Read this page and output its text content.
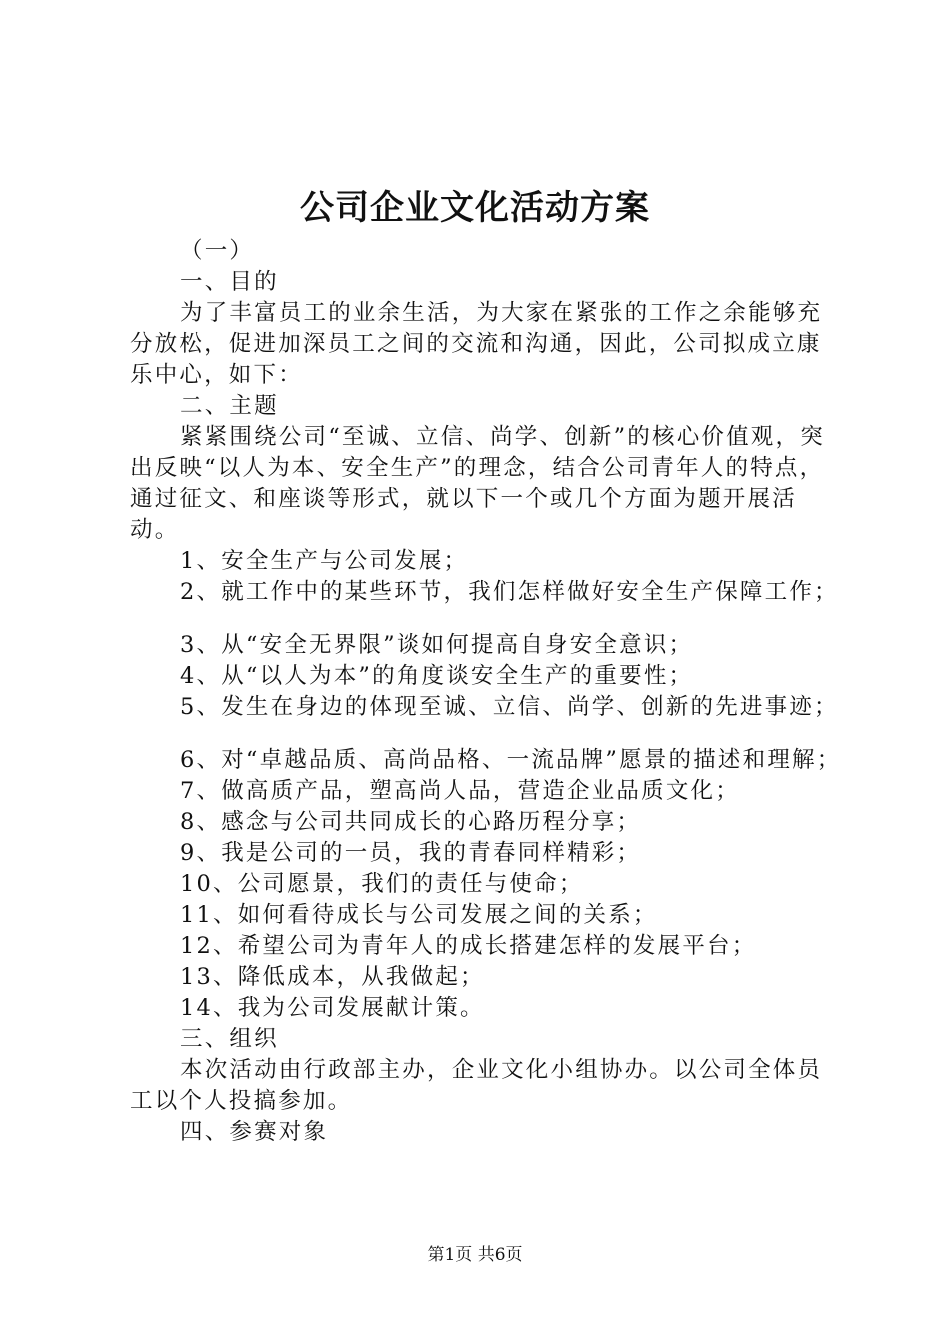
公司企业文化活动方案

（一）

一、目的

为了丰富员工的业余生活，为大家在紧张的工作之余能够充分放松，促进加深员工之间的交流和沟通，因此，公司拟成立康乐中心，如下：

二、主题

紧紧围绕公司“至诚、立信、尚学、创新”的核心价值观，突出反映“以人为本、安全生产”的理念，结合公司青年人的特点，通过征文、和座谈等形式，就以下一个或几个方面为题开展活动。

1、安全生产与公司发展；

2、就工作中的某些环节，我们怎样做好安全生产保障工作；

3、从“安全无界限”谈如何提高自身安全意识；

4、从“以人为本”的角度谈安全生产的重要性；

5、发生在身边的体现至诚、立信、尚学、创新的先进事迹；

6、对“卓越品质、高尚品格、一流品牌”愿景的描述和理解；

7、做高质产品，塑高尚人品，营造企业品质文化；

8、感念与公司共同成长的心路历程分享；

9、我是公司的一员，我的青春同样精彩；

10、公司愿景，我们的责任与使命；

11、如何看待成长与公司发展之间的关系；

12、希望公司为青年人的成长搭建怎样的发展平台；

13、降低成本，从我做起；

14、我为公司发展献计策。

三、组织

本次活动由行政部主办，企业文化小组协办。以公司全体员工以个人投搞参加。

四、参赛对象

第1页 共6页
